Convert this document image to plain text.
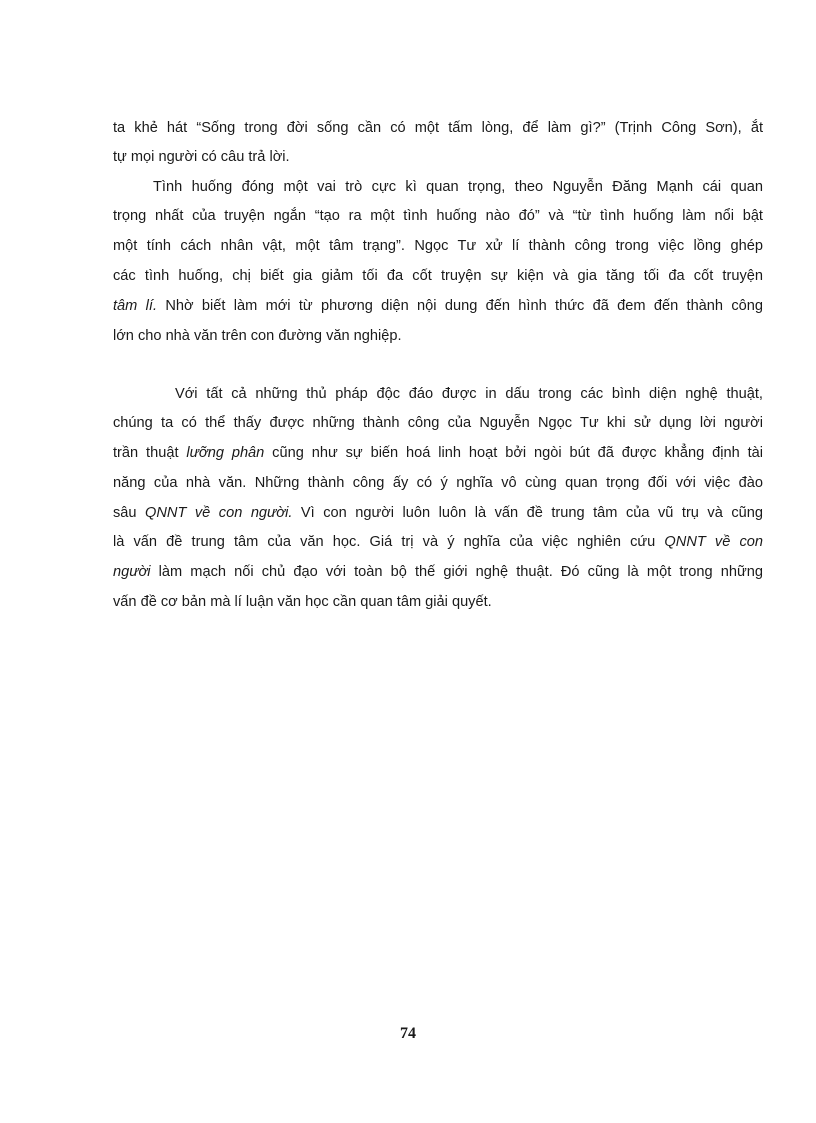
ta khẻ hát “Sống trong đời sống cần có một tấm lòng, để làm gì?” (Trịnh Công Sơn), ắt

tự mọi người có câu trả lời.

Tình huống đóng một vai trò cực kì quan trọng, theo Nguyễn Đăng Mạnh cái quan

trọng nhất của truyện ngắn “tạo ra một tình huống nào đó” và “từ tình huống làm nổi bật

một tính cách nhân vật, một tâm trạng”. Ngọc Tư xử lí thành công trong việc lồng ghép

các tình huống, chị biết gia giảm tối đa cốt truyện sự kiện và gia tăng tối đa cốt truyện

tâm lí. Nhờ biết làm mới từ phương diện nội dung đến hình thức đã đem đến thành công

lớn cho nhà văn trên con đường văn nghiệp.

Với tất cả những thủ pháp độc đáo được in dấu trong các bình diện nghệ thuật,

chúng ta có thể thấy được những thành công của Nguyễn Ngọc Tư khi sử dụng lời người

trần thuật lưỡng phân cũng như sự biến hoá linh hoạt bởi ngòi bút đã được khẳng định tài

năng của nhà văn. Những thành công ấy có ý nghĩa vô cùng quan trọng đối với việc đào

sâu QNNT về con người. Vì con người luôn luôn là vấn đề trung tâm của vũ trụ và cũng

là vấn đề trung tâm của văn học. Giá trị và ý nghĩa của việc nghiên cứu QNNT về con

người làm mạch nối chủ đạo với toàn bộ thế giới nghệ thuật. Đó cũng là một trong những

vấn đề cơ bản mà lí luận văn học cần quan tâm giải quyết.

74
